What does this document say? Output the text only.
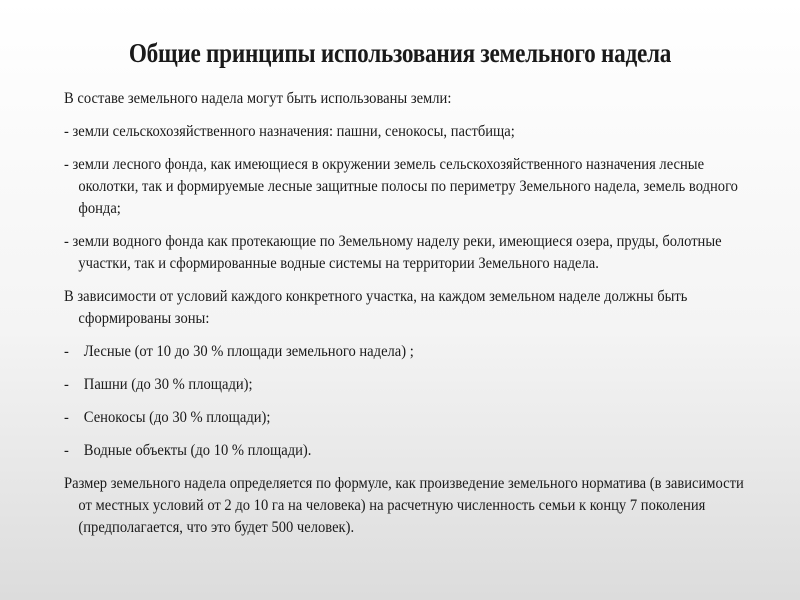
Общие принципы использования земельного надела

В составе земельного надела могут быть использованы земли:

- земли сельскохозяйственного назначения: пашни, сенокосы, пастбища;

- земли лесного фонда, как имеющиеся в окружении земель сельскохозяйственного назначения лесные околотки, так и формируемые лесные защитные полосы по периметру Земельного надела, земель водного фонда;

- земли водного фонда как протекающие по Земельному наделу реки, имеющиеся озера, пруды, болотные участки, так и сформированные водные системы на территории Земельного надела.

В зависимости от условий каждого конкретного участка, на каждом земельном наделе должны быть сформированы зоны:

- Лесные (от 10 до 30 % площади земельного надела) ;
- Пашни (до 30 % площади);
- Сенокосы (до 30 % площади);
- Водные объекты (до 10 % площади).

Размер земельного надела определяется по формуле, как произведение земельного норматива (в зависимости от местных условий от 2 до 10 га на человека) на расчетную численность семьи к концу 7 поколения (предполагается, что это будет 500 человек).
